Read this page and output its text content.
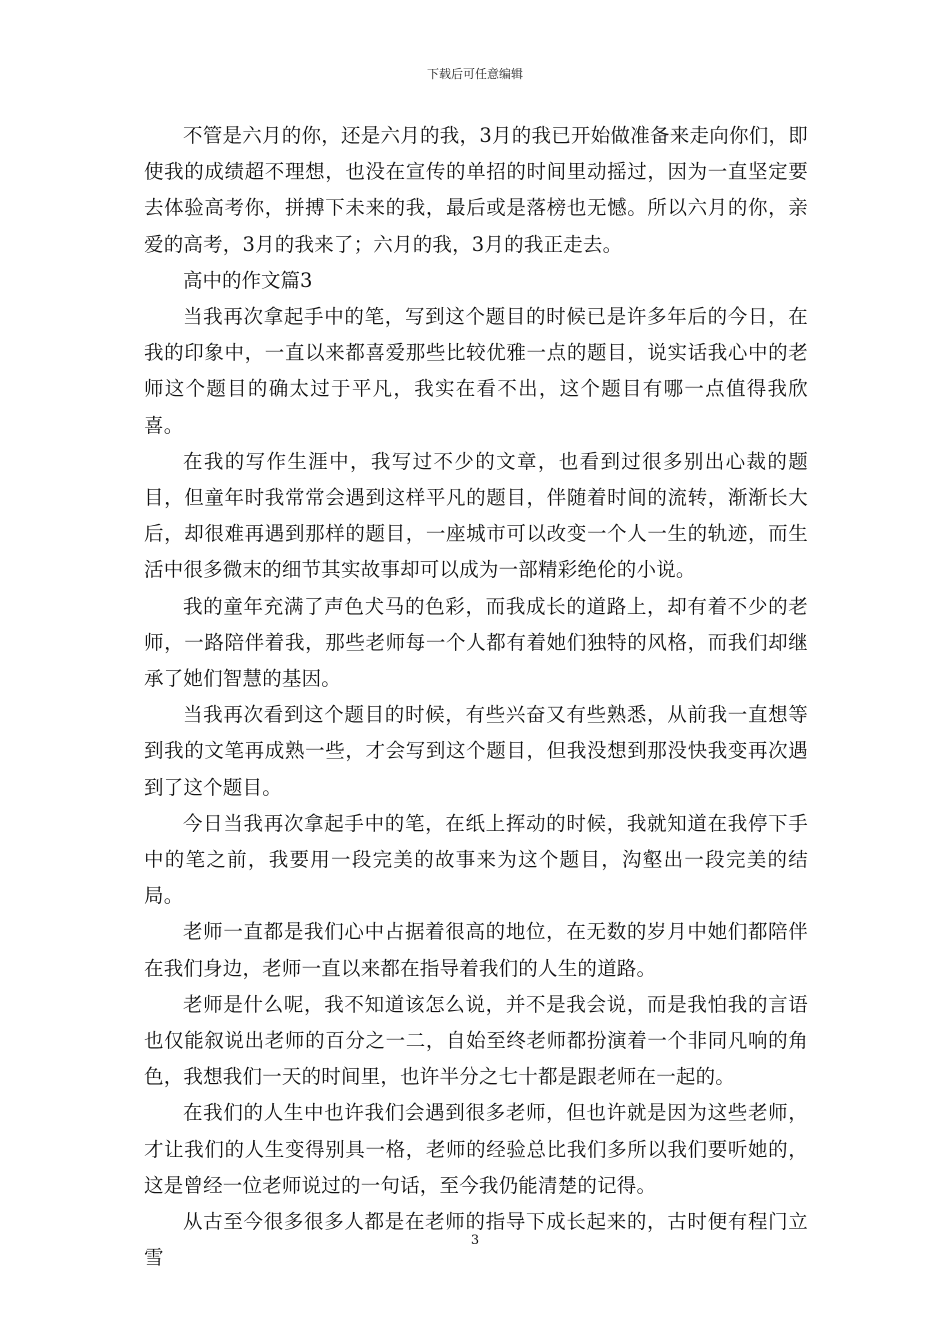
下载后可任意编辑

不管是六月的你，还是六月的我，3月的我已开始做准备来走向你们，即使我的成绩超不理想，也没在宣传的单招的时间里动摇过，因为一直坚定要去体验高考你，拼搏下未来的我，最后或是落榜也无憾。所以六月的你，亲爱的高考，3月的我来了；六月的我，3月的我正走去。

高中的作文篇3

当我再次拿起手中的笔，写到这个题目的时候已是许多年后的今日，在我的印象中，一直以来都喜爱那些比较优雅一点的题目，说实话我心中的老师这个题目的确太过于平凡，我实在看不出，这个题目有哪一点值得我欣喜。

在我的写作生涯中，我写过不少的文章，也看到过很多别出心裁的题目，但童年时我常常会遇到这样平凡的题目，伴随着时间的流转，渐渐长大后，却很难再遇到那样的题目，一座城市可以改变一个人一生的轨迹，而生活中很多微末的细节其实故事却可以成为一部精彩绝伦的小说。

我的童年充满了声色犬马的色彩，而我成长的道路上，却有着不少的老师，一路陪伴着我，那些老师每一个人都有着她们独特的风格，而我们却继承了她们智慧的基因。

当我再次看到这个题目的时候，有些兴奋又有些熟悉，从前我一直想等到我的文笔再成熟一些，才会写到这个题目，但我没想到那没快我变再次遇到了这个题目。

今日当我再次拿起手中的笔，在纸上挥动的时候，我就知道在我停下手中的笔之前，我要用一段完美的故事来为这个题目，沟壑出一段完美的结局。

老师一直都是我们心中占据着很高的地位，在无数的岁月中她们都陪伴在我们身边，老师一直以来都在指导着我们的人生的道路。

老师是什么呢，我不知道该怎么说，并不是我会说，而是我怕我的言语也仅能叙说出老师的百分之一二，自始至终老师都扮演着一个非同凡响的角色，我想我们一天的时间里，也许半分之七十都是跟老师在一起的。

在我们的人生中也许我们会遇到很多老师，但也许就是因为这些老师，才让我们的人生变得别具一格，老师的经验总比我们多所以我们要听她的，这是曾经一位老师说过的一句话，至今我仍能清楚的记得。

从古至今很多很多人都是在老师的指导下成长起来的，古时便有程门立雪

3
